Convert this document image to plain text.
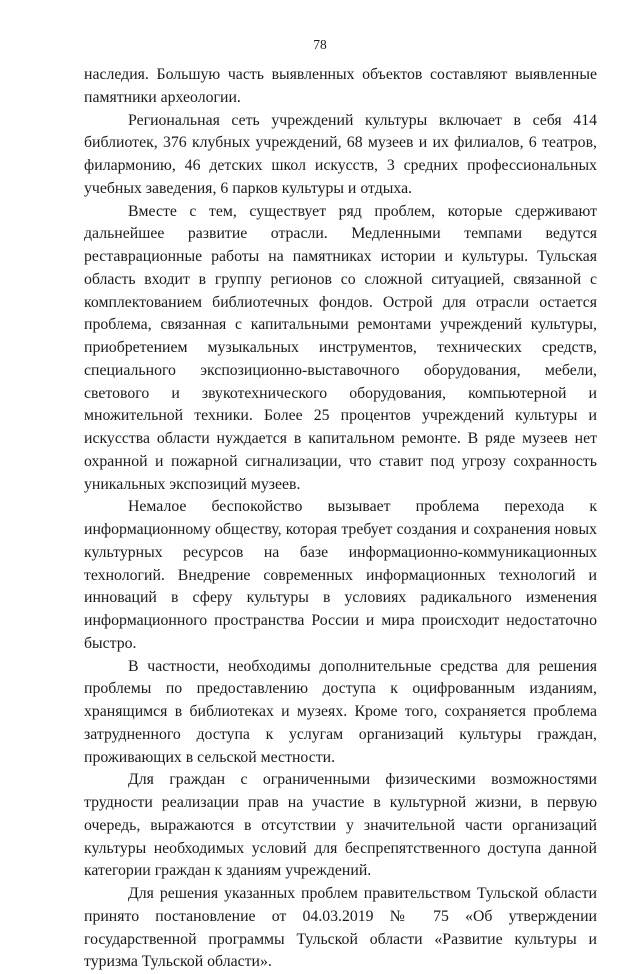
78

наследия. Большую часть выявленных объектов составляют выявленные памятники археологии.

Региональная сеть учреждений культуры включает в себя 414 библиотек, 376 клубных учреждений, 68 музеев и их филиалов, 6 театров, филармонию, 46 детских школ искусств, 3 средних профессиональных учебных заведения, 6 парков культуры и отдыха.

Вместе с тем, существует ряд проблем, которые сдерживают дальнейшее развитие отрасли. Медленными темпами ведутся реставрационные работы на памятниках истории и культуры. Тульская область входит в группу регионов со сложной ситуацией, связанной с комплектованием библиотечных фондов. Острой для отрасли остается проблема, связанная с капитальными ремонтами учреждений культуры, приобретением музыкальных инструментов, технических средств, специального экспозиционно-выставочного оборудования, мебели, светового и звукотехнического оборудования, компьютерной и множительной техники. Более 25 процентов учреждений культуры и искусства области нуждается в капитальном ремонте. В ряде музеев нет охранной и пожарной сигнализации, что ставит под угрозу сохранность уникальных экспозиций музеев.

Немалое беспокойство вызывает проблема перехода к информационному обществу, которая требует создания и сохранения новых культурных ресурсов на базе информационно-коммуникационных технологий. Внедрение современных информационных технологий и инноваций в сферу культуры в условиях радикального изменения информационного пространства России и мира происходит недостаточно быстро.

В частности, необходимы дополнительные средства для решения проблемы по предоставлению доступа к оцифрованным изданиям, хранящимся в библиотеках и музеях. Кроме того, сохраняется проблема затрудненного доступа к услугам организаций культуры граждан, проживающих в сельской местности.

Для граждан с ограниченными физическими возможностями трудности реализации прав на участие в культурной жизни, в первую очередь, выражаются в отсутствии у значительной части организаций культуры необходимых условий для беспрепятственного доступа данной категории граждан к зданиям учреждений.

Для решения указанных проблем правительством Тульской области принято постановление от 04.03.2019 № 75 «Об утверждении государственной программы Тульской области «Развитие культуры и туризма Тульской области».
